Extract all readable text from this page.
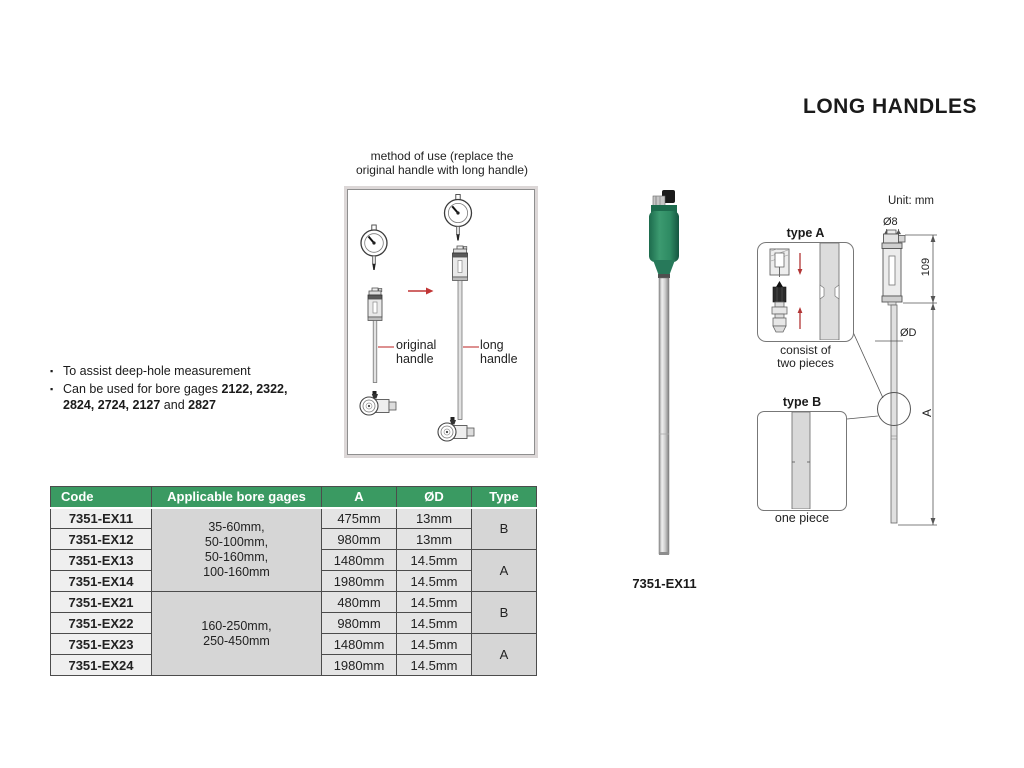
LONG HANDLES
method of use (replace the
original handle with long handle)
original
handle
long
handle
▪ To assist deep-hole measurement
▪ Can be used for bore gages 2122, 2322, 2824, 2724, 2127 and 2827
Code	Applicable bore gages	A	ØD	Type
7351-EX11	35-60mm,
50-100mm,
50-160mm,
100-160mm	475mm	13mm	B
7351-EX12		980mm	13mm	
7351-EX13		1480mm	14.5mm	A
7351-EX14		1980mm	14.5mm	
7351-EX21	160-250mm,
250-450mm	480mm	14.5mm	B
7351-EX22		980mm	14.5mm	
7351-EX23		1480mm	14.5mm	A
7351-EX24		1980mm	14.5mm	
7351-EX11
Unit: mm
Ø8
109
ØD
A
type A
consist of
two pieces
type B
one piece
